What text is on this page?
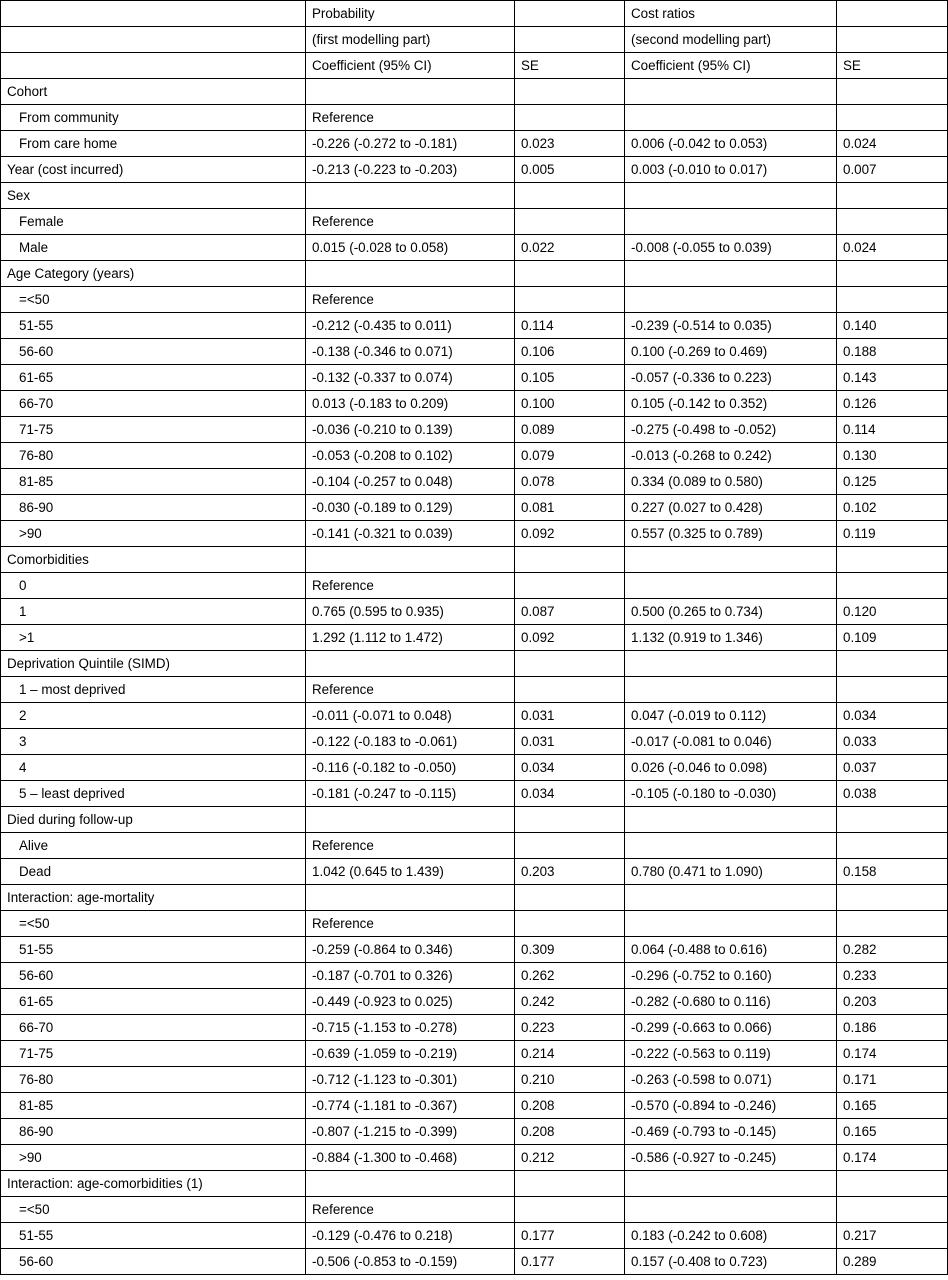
	Probability		Cost ratios	
	(first modelling part)		(second modelling part)	
	Coefficient (95% CI)	SE	Coefficient (95% CI)	SE
Cohort				
From community	Reference			
From care home	-0.226 (-0.272 to -0.181)	0.023	0.006 (-0.042 to 0.053)	0.024
Year (cost incurred)	-0.213 (-0.223 to -0.203)	0.005	0.003 (-0.010 to 0.017)	0.007
Sex				
Female	Reference			
Male	0.015 (-0.028 to 0.058)	0.022	-0.008 (-0.055 to 0.039)	0.024
Age Category (years)				
=<50	Reference			
51-55	-0.212 (-0.435 to 0.011)	0.114	-0.239 (-0.514 to 0.035)	0.140
56-60	-0.138 (-0.346 to 0.071)	0.106	0.100 (-0.269 to 0.469)	0.188
61-65	-0.132 (-0.337 to 0.074)	0.105	-0.057 (-0.336 to 0.223)	0.143
66-70	0.013 (-0.183 to 0.209)	0.100	0.105 (-0.142 to 0.352)	0.126
71-75	-0.036 (-0.210 to 0.139)	0.089	-0.275 (-0.498 to -0.052)	0.114
76-80	-0.053 (-0.208 to 0.102)	0.079	-0.013 (-0.268 to 0.242)	0.130
81-85	-0.104 (-0.257 to 0.048)	0.078	0.334 (0.089 to 0.580)	0.125
86-90	-0.030 (-0.189 to 0.129)	0.081	0.227 (0.027 to 0.428)	0.102
>90	-0.141 (-0.321 to 0.039)	0.092	0.557 (0.325 to 0.789)	0.119
Comorbidities				
0	Reference			
1	0.765 (0.595 to 0.935)	0.087	0.500 (0.265 to 0.734)	0.120
>1	1.292 (1.112 to 1.472)	0.092	1.132 (0.919 to 1.346)	0.109
Deprivation Quintile (SIMD)				
1 – most deprived	Reference			
2	-0.011 (-0.071 to 0.048)	0.031	0.047 (-0.019 to 0.112)	0.034
3	-0.122 (-0.183 to -0.061)	0.031	-0.017 (-0.081 to 0.046)	0.033
4	-0.116 (-0.182 to -0.050)	0.034	0.026 (-0.046 to 0.098)	0.037
5 – least deprived	-0.181 (-0.247 to -0.115)	0.034	-0.105 (-0.180 to -0.030)	0.038
Died during follow-up				
Alive	Reference			
Dead	1.042 (0.645 to 1.439)	0.203	0.780 (0.471 to 1.090)	0.158
Interaction: age-mortality				
=<50	Reference			
51-55	-0.259 (-0.864 to 0.346)	0.309	0.064 (-0.488 to 0.616)	0.282
56-60	-0.187 (-0.701 to 0.326)	0.262	-0.296 (-0.752 to 0.160)	0.233
61-65	-0.449 (-0.923 to 0.025)	0.242	-0.282 (-0.680 to 0.116)	0.203
66-70	-0.715 (-1.153 to -0.278)	0.223	-0.299 (-0.663 to 0.066)	0.186
71-75	-0.639 (-1.059 to -0.219)	0.214	-0.222 (-0.563 to 0.119)	0.174
76-80	-0.712 (-1.123 to -0.301)	0.210	-0.263 (-0.598 to 0.071)	0.171
81-85	-0.774 (-1.181 to -0.367)	0.208	-0.570 (-0.894 to -0.246)	0.165
86-90	-0.807 (-1.215 to -0.399)	0.208	-0.469 (-0.793 to -0.145)	0.165
>90	-0.884 (-1.300 to -0.468)	0.212	-0.586 (-0.927 to -0.245)	0.174
Interaction: age-comorbidities (1)				
=<50	Reference			
51-55	-0.129 (-0.476 to 0.218)	0.177	0.183 (-0.242 to 0.608)	0.217
56-60	-0.506 (-0.853 to -0.159)	0.177	0.157 (-0.408 to 0.723)	0.289
